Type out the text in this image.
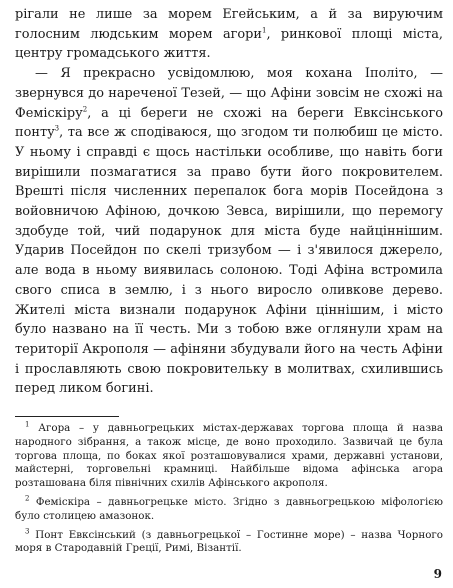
рігали не лише за морем Егейським, а й за вируючим голосним людським морем агори$^1$, ринкової площі міста, центру громадського життя.

— Я прекрасно усвідомлюю, моя кохана Іполіто, — звернувся до нареченої Тезей, — що Афіни зовсім не схожі на Феміскіру$^2$, а ці береги не схожі на береги Евксінського понту$^3$, та все ж сподіваюся, що згодом ти полюбиш це місто. У ньому і справді є щось настільки особливе, що навіть боги вирішили позмагатися за право бути його покровителем. Врешті після численних перепалок бога морів Посейдона з войовничою Афіною, дочкою Зевса, вирішили, що перемогу здобуде той, чий подарунок для міста буде найціннішим. Ударив Посейдон по скелі тризубом — і з'явилося джерело, але вода в ньому виявилась солоною. Тоді Афіна встромила свого списа в землю, і з нього виросло оливкове дерево. Жителі міста визнали подарунок Афіни ціннішим, і місто було названо на її честь. Ми з тобою вже оглянули храм на території Акрополя — афіняни збудували його на честь Афіни і прославляють свою покровительку в молитвах, схилившись перед ликом богині.

$^1$ Агора – у давньогрецьких містах-державах торгова площа й назва народного зібрання, а також місце, де воно проходило. Зазвичай це була торгова площа, по боках якої розташовувалися храми, державні установи, майстерні, торговельні крамниці. Найбільше відома афінська агора розташована біля північних схилів Афінського акрополя.

$^2$ Феміскіра – давньогрецьке місто. Згідно з давньогрецькою міфологією було столицею амазонок.

$^3$ Понт Евксінський (з давньогрецької – Гостинне море) – назва Чорного моря в Стародавній Греції, Римі, Візантії.

9
